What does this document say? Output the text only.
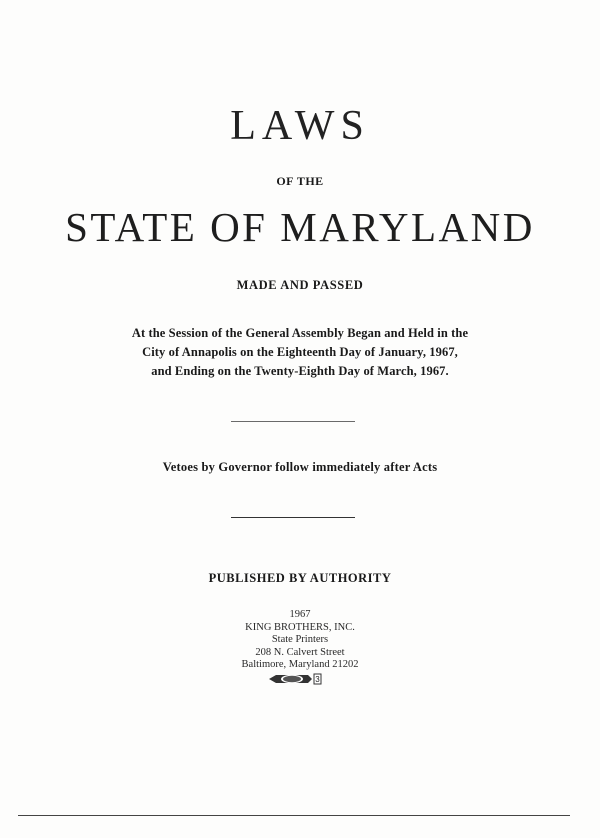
LAWS
OF THE
STATE OF MARYLAND
MADE AND PASSED
At the Session of the General Assembly Began and Held in the
City of Annapolis on the Eighteenth Day of January, 1967,
and Ending on the Twenty-Eighth Day of March, 1967.
Vetoes by Governor follow immediately after Acts
PUBLISHED BY AUTHORITY
1967
KING BROTHERS, INC.
State Printers
208 N. Calvert Street
Baltimore, Maryland 21202
3
